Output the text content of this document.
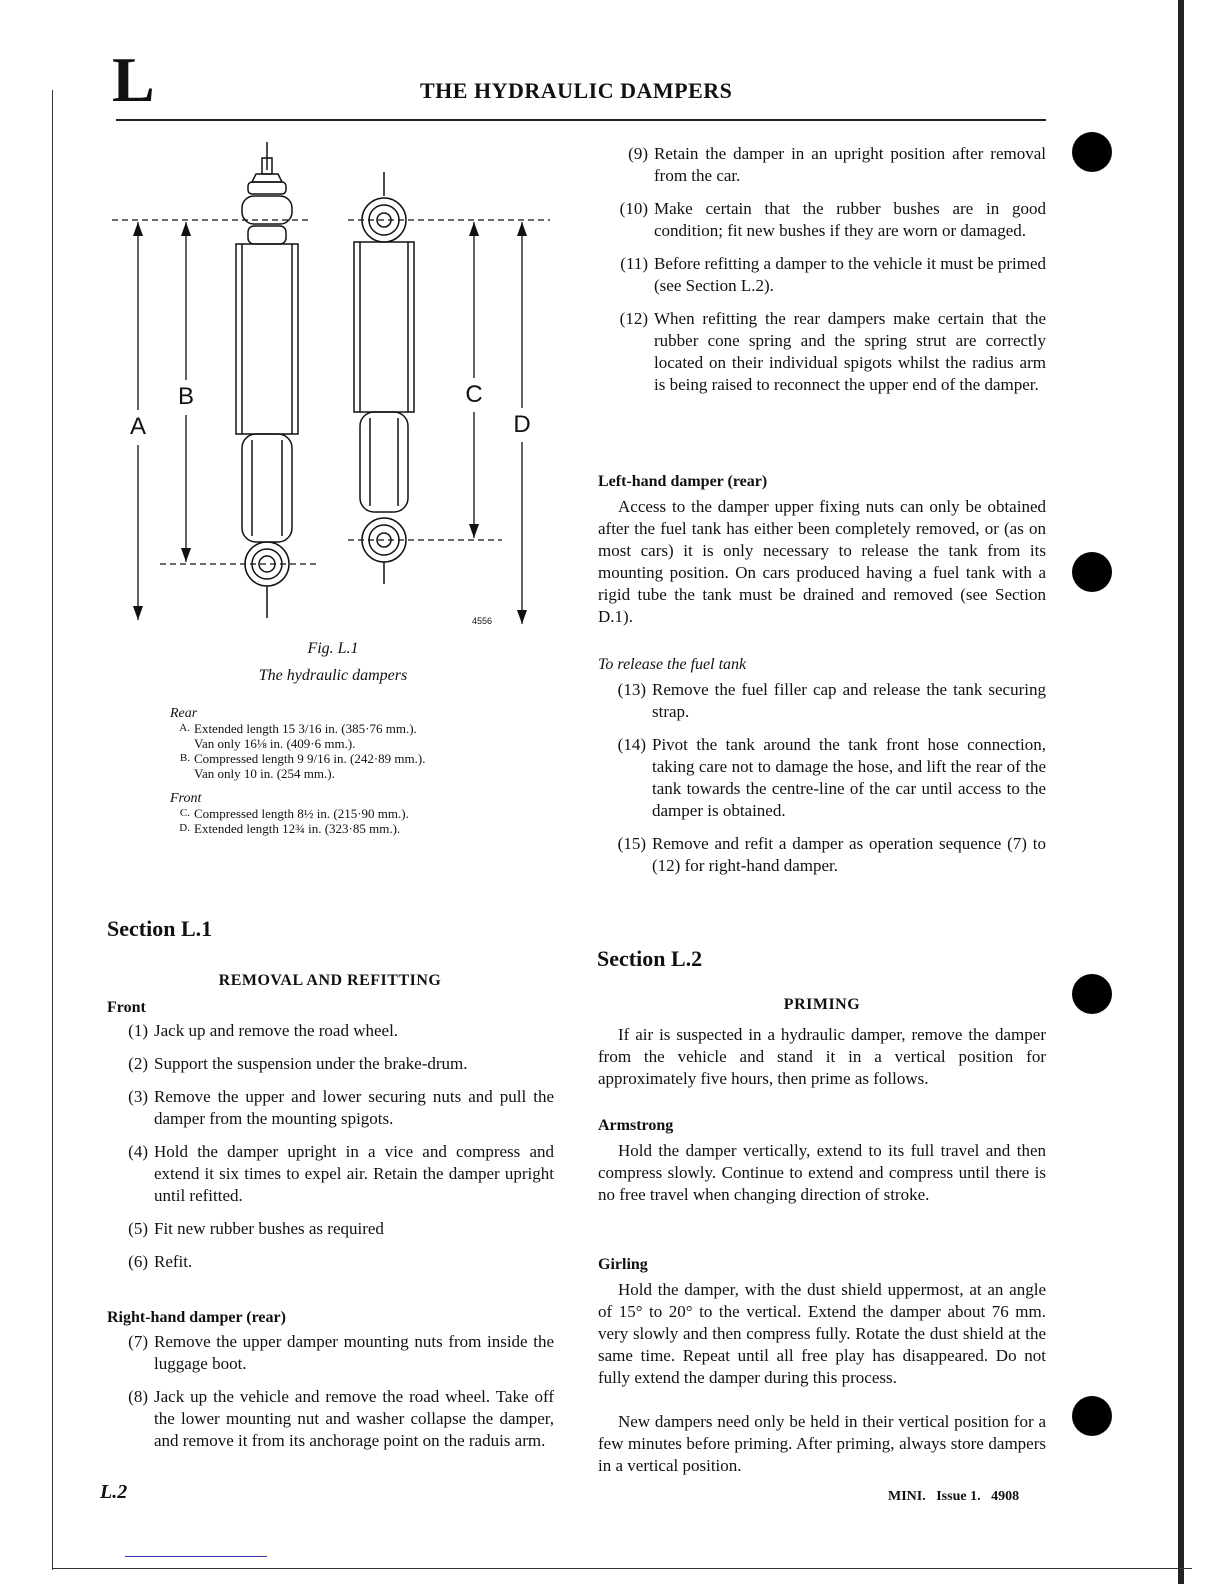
L	THE HYDRAULIC DAMPERS
A
B	C
D
4556
Fig. L.1
The hydraulic dampers
Rear
A. Extended length 15 3/16 in. (385·76 mm.).
Van only 16⅛ in. (409·6 mm.).
B. Compressed length 9 9/16 in. (242·89 mm.).
Van only 10 in. (254 mm.).
Front
C. Compressed length 8½ in. (215·90 mm.).
D. Extended length 12¾ in. (323·85 mm.).
Section L.1
REMOVAL AND REFITTING
Front
(1) Jack up and remove the road wheel.
(2) Support the suspension under the brake-drum.
(3) Remove the upper and lower securing nuts and pull the damper from the mounting spigots.
(4) Hold the damper upright in a vice and compress and extend it six times to expel air. Retain the damper upright until refitted.
(5) Fit new rubber bushes as required
(6) Refit.
Right-hand damper (rear)
(7) Remove the upper damper mounting nuts from inside the luggage boot.
(8) Jack up the vehicle and remove the road wheel. Take off the lower mounting nut and washer collapse the damper, and remove it from its anchorage point on the raduis arm.
(9) Retain the damper in an upright position after removal from the car.
(10) Make certain that the rubber bushes are in good condition; fit new bushes if they are worn or damaged.
(11) Before refitting a damper to the vehicle it must be primed (see Section L.2).
(12) When refitting the rear dampers make certain that the rubber cone spring and the spring strut are correctly located on their individual spigots whilst the radius arm is being raised to reconnect the upper end of the damper.
Left-hand damper (rear)
Access to the damper upper fixing nuts can only be obtained after the fuel tank has either been completely removed, or (as on most cars) it is only necessary to release the tank from its mounting position. On cars produced having a fuel tank with a rigid tube the tank must be drained and removed (see Section D.1).
To release the fuel tank
(13) Remove the fuel filler cap and release the tank securing strap.
(14) Pivot the tank around the tank front hose connection, taking care not to damage the hose, and lift the rear of the tank towards the centre-line of the car until access to the damper is obtained.
(15) Remove and refit a damper as operation sequence (7) to (12) for right-hand damper.
Section L.2
PRIMING
If air is suspected in a hydraulic damper, remove the damper from the vehicle and stand it in a vertical position for approximately five hours, then prime as follows.
Armstrong
Hold the damper vertically, extend to its full travel and then compress slowly. Continue to extend and compress until there is no free travel when changing direction of stroke.
Girling
Hold the damper, with the dust shield uppermost, at an angle of 15° to 20° to the vertical. Extend the damper about 76 mm. very slowly and then compress fully. Rotate the dust shield at the same time. Repeat until all free play has disappeared. Do not fully extend the damper during this process.
New dampers need only be held in their vertical position for a few minutes before priming. After priming, always store dampers in a vertical position.
L.2	MINI.   Issue 1.   4908
